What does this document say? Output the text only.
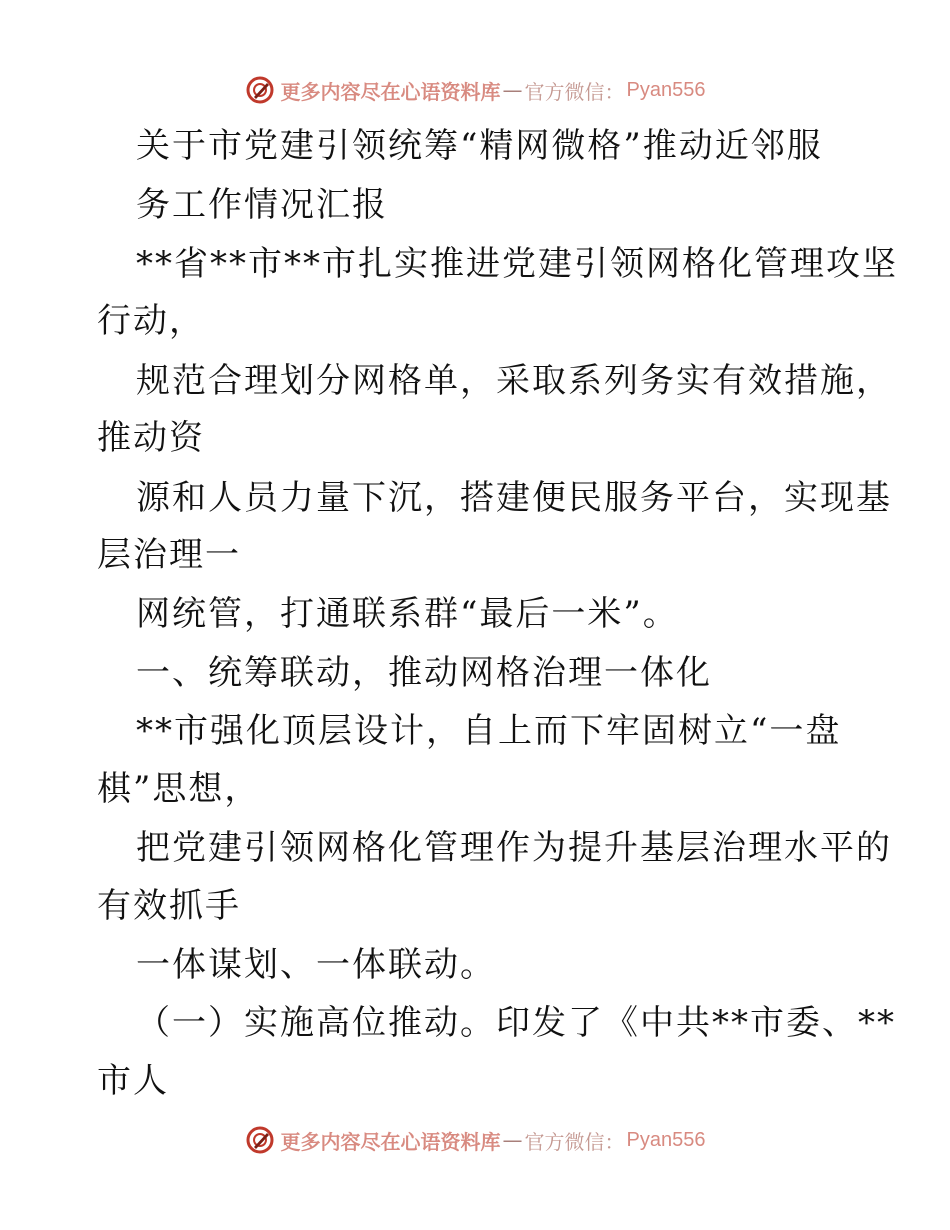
更多内容尽在心语资料库 — 官方微信： Pyan556
关于市党建引领统筹“精网微格”推动近邻服
务工作情况汇报
**省**市**市扎实推进党建引领网格化管理攻坚
行动，
规范合理划分网格单，采取系列务实有效措施，
推动资
源和人员力量下沉，搭建便民服务平台，实现基
层治理一
网统管，打通联系群“最后一米”。
一、统筹联动，推动网格治理一体化
**市强化顶层设计，自上而下牢固树立“一盘
棋”思想，
把党建引领网格化管理作为提升基层治理水平的
有效抓手
一体谋划、一体联动。
（一）实施高位推动。印发了《中共**市委、**
市人
更多内容尽在心语资料库 — 官方微信： Pyan556
